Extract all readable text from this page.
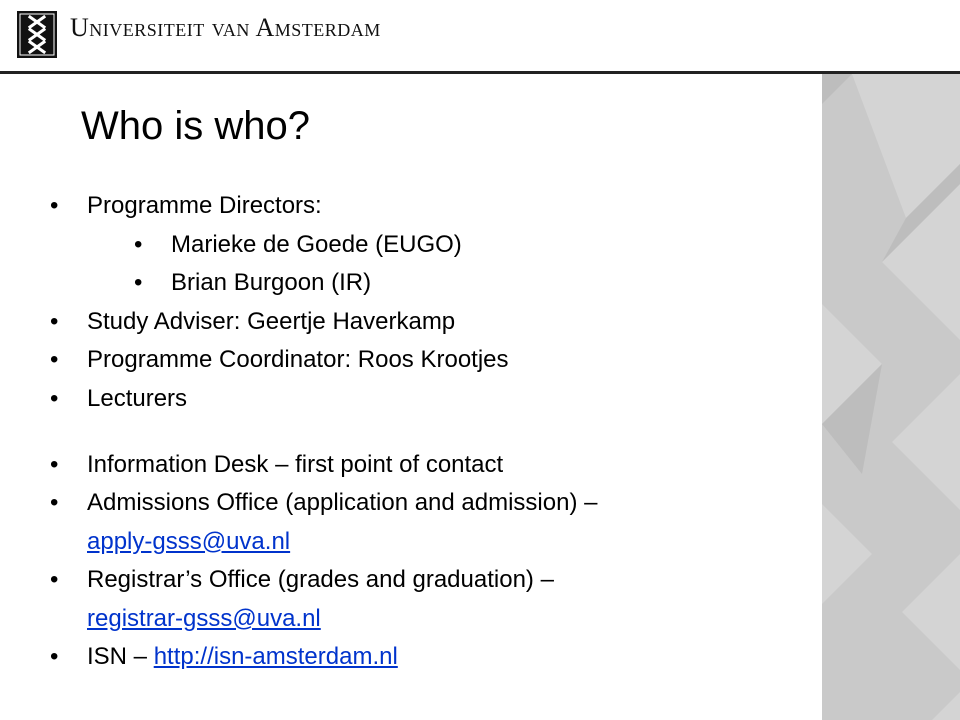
Universiteit van Amsterdam
Who is who?
• Programme Directors:
• Marieke de Goede (EUGO)
• Brian Burgoon (IR)
• Study Adviser: Geertje Haverkamp
• Programme Coordinator: Roos Krootjes
• Lecturers
• Information Desk – first point of contact
• Admissions Office (application and admission) –
apply-gsss@uva.nl
• Registrar’s Office (grades and graduation) –
registrar-gsss@uva.nl
• ISN – http://isn-amsterdam.nl
